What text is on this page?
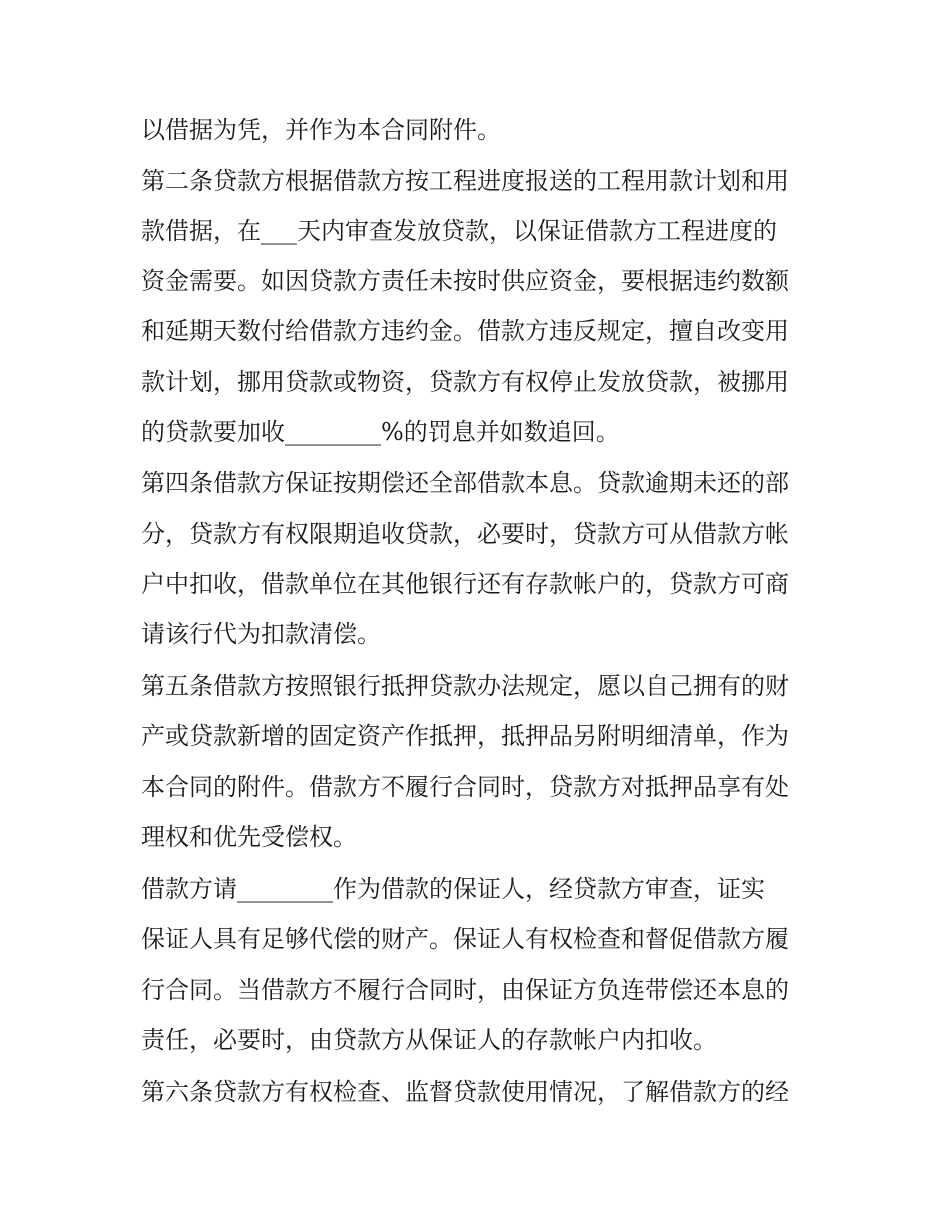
以借据为凭，并作为本合同附件。
第二条贷款方根据借款方按工程进度报送的工程用款计划和用
款借据，在___天内审查发放贷款，以保证借款方工程进度的
资金需要。如因贷款方责任未按时供应资金，要根据违约数额
和延期天数付给借款方违约金。借款方违反规定，擅自改变用
款计划，挪用贷款或物资，贷款方有权停止发放贷款，被挪用
的贷款要加收________%的罚息并如数追回。
第四条借款方保证按期偿还全部借款本息。贷款逾期未还的部
分，贷款方有权限期追收贷款，必要时，贷款方可从借款方帐
户中扣收，借款单位在其他银行还有存款帐户的，贷款方可商
请该行代为扣款清偿。
第五条借款方按照银行抵押贷款办法规定，愿以自己拥有的财
产或贷款新增的固定资产作抵押，抵押品另附明细清单，作为
本合同的附件。借款方不履行合同时，贷款方对抵押品享有处
理权和优先受偿权。
借款方请________作为借款的保证人，经贷款方审查，证实
保证人具有足够代偿的财产。保证人有权检查和督促借款方履
行合同。当借款方不履行合同时，由保证方负连带偿还本息的
责任，必要时，由贷款方从保证人的存款帐户内扣收。
第六条贷款方有权检查、监督贷款使用情况，了解借款方的经
